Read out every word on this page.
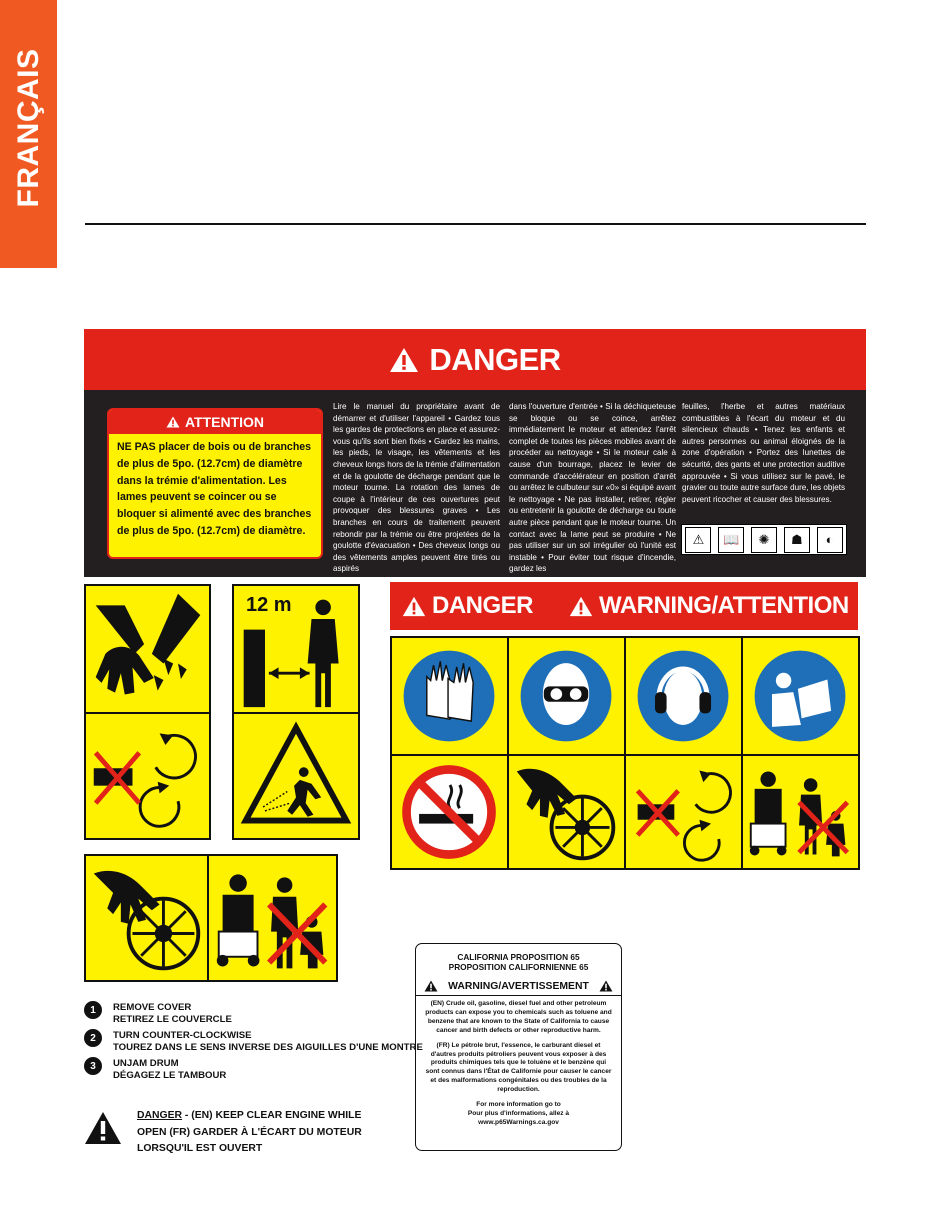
FRANÇAIS
DANGER
ATTENTION
NE PAS placer de bois ou de branches de plus de 5po. (12.7cm) de diamètre dans la trémie d'alimentation. Les lames peuvent se coincer ou se bloquer si alimenté avec des branches de plus de 5po. (12.7cm) de diamètre.
Lire le manuel du propriétaire avant de démarrer et d'utiliser l'appareil • Gardez tous les gardes de protections en place et assurez-vous qu'ils sont bien fixés • Gardez les mains, les pieds, le visage, les vêtements et les cheveux longs hors de la trémie d'alimentation et de la goulotte de décharge pendant que le moteur tourne. La rotation des lames de coupe à l'intérieur de ces ouvertures peut provoquer des blessures graves • Les branches en cours de traitement peuvent rebondir par la trémie ou être projetées de la goulotte d'évacuation • Des cheveux longs ou des vêtements amples peuvent être tirés ou aspirés
dans l'ouverture d'entrée • Si la déchiqueteuse se bloque ou se coince, arrêtez immédiatement le moteur et attendez l'arrêt complet de toutes les pièces mobiles avant de procéder au nettoyage • Si le moteur cale à cause d'un bourrage, placez le levier de commande d'accélérateur en position d'arrêt ou arrêtez le culbuteur sur «0» si équipé avant le nettoyage • Ne pas installer, retirer, régler ou entretenir la goulotte de décharge ou toute autre pièce pendant que le moteur tourne. Un contact avec la lame peut se produire • Ne pas utiliser sur un sol irrégulier où l'unité est instable • Pour éviter tout risque d'incendie, gardez les
feuilles, l'herbe et autres matériaux combustibles à l'écart du moteur et du silencieux chauds • Tenez les enfants et autres personnes ou animal éloignés de la zone d'opération • Portez des lunettes de sécurité, des gants et une protection auditive approuvée • Si vous utilisez sur le pavé, le gravier ou toute autre surface dure, les objets peuvent ricocher et causer des blessures.
⚠	📖	✺	☗	◐
12 m	DANGER	WARNING/ATTENTION
1	REMOVE COVER
RETIREZ LE COUVERCLE
2	TURN COUNTER-CLOCKWISE
TOUREZ DANS LE SENS INVERSE DES AIGUILLES D'UNE MONTRE
3	UNJAM DRUM
DÉGAGEZ LE TAMBOUR
DANGER - (EN) KEEP CLEAR ENGINE WHILE OPEN (FR) GARDER À L'ÉCART DU MOTEUR LORSQU'IL EST OUVERT
CALIFORNIA PROPOSITION 65
PROPOSITION CALIFORNIENNE 65
WARNING/AVERTISSEMENT
(EN) Crude oil, gasoline, diesel fuel and other petroleum products can expose you to chemicals such as toluene and benzene that are known to the State of California to cause cancer and birth defects or other reproductive harm.
(FR) Le pétrole brut, l'essence, le carburant diesel et d'autres produits pétroliers peuvent vous exposer à des produits chimiques tels que le toluène et le benzène qui sont connus dans l'État de Californie pour causer le cancer et des malformations congénitales ou des troubles de la reproduction.
For more information go to
Pour plus d'informations, allez à
www.p65Warnings.ca.gov
